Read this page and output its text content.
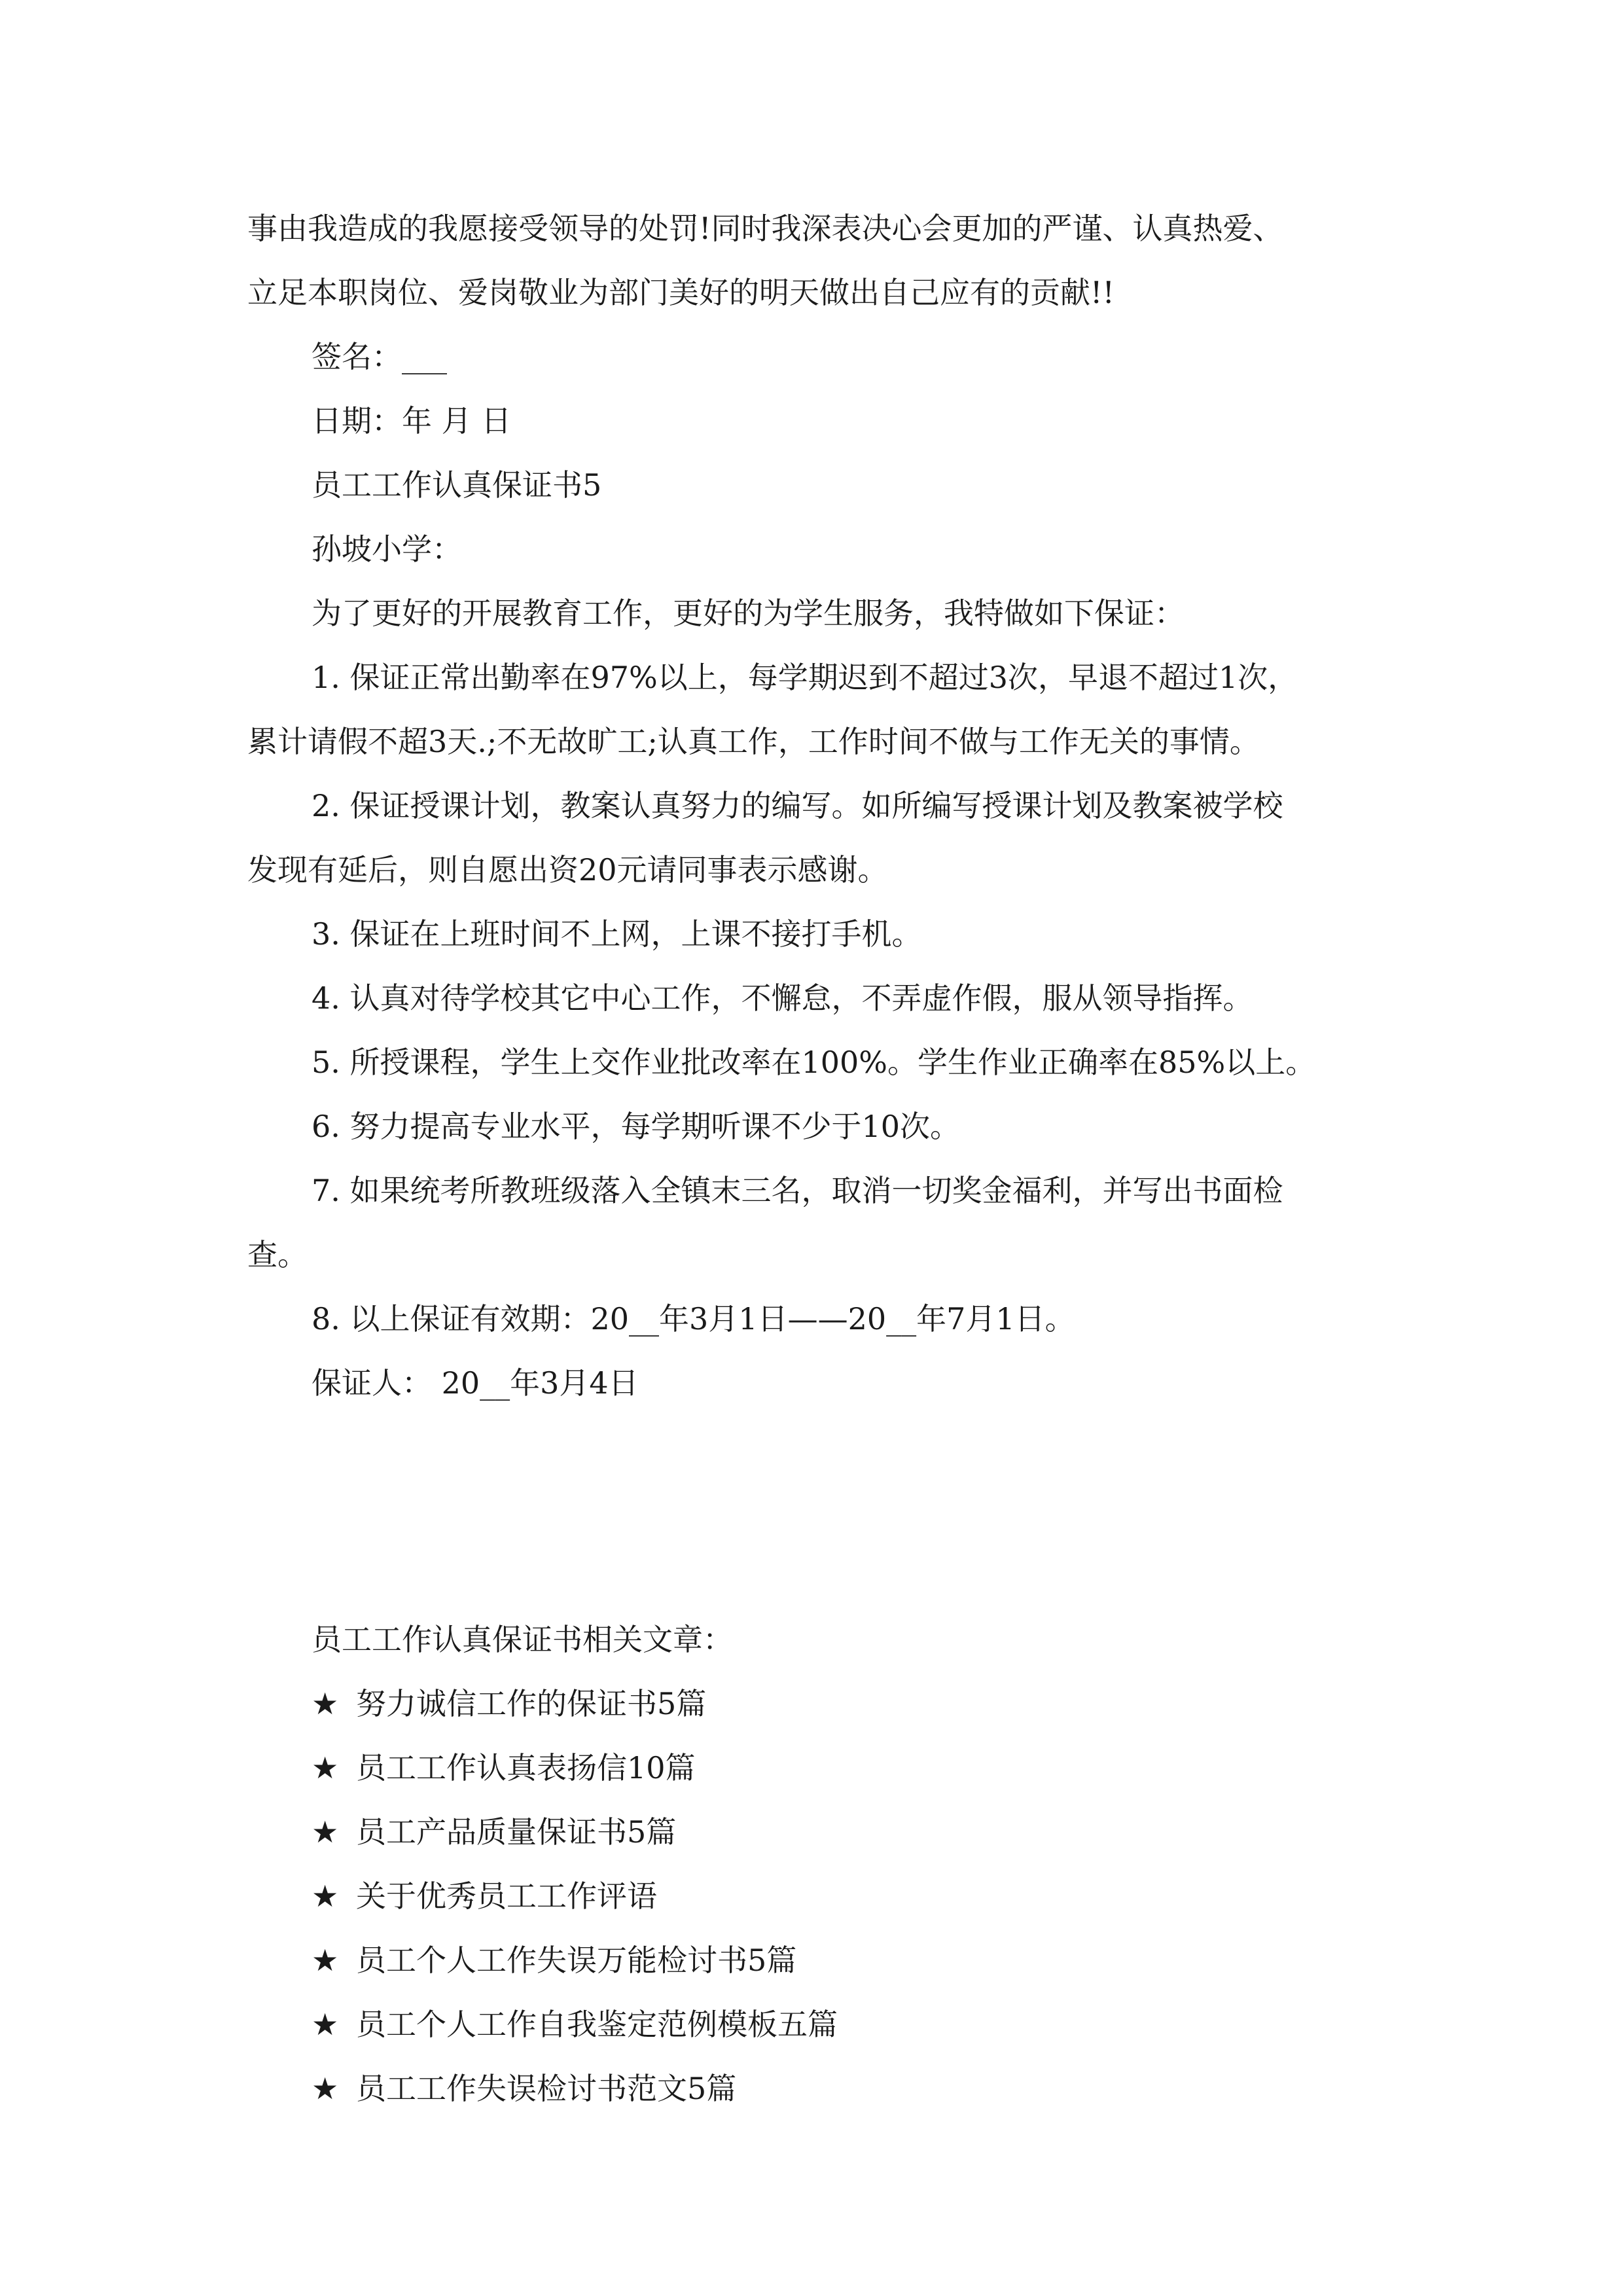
事由我造成的我愿接受领导的处罚!同时我深表决心会更加的严谨、认真热爱、

立足本职岗位、爱岗敬业为部门美好的明天做出自己应有的贡献!!

签名：___

日期：年 月 日

员工工作认真保证书5

孙坡小学：

为了更好的开展教育工作，更好的为学生服务，我特做如下保证：

1. 保证正常出勤率在97%以上，每学期迟到不超过3次，早退不超过1次，

累计请假不超3天.;不无故旷工;认真工作，工作时间不做与工作无关的事情。

2. 保证授课计划，教案认真努力的编写。如所编写授课计划及教案被学校

发现有延后，则自愿出资20元请同事表示感谢。

3. 保证在上班时间不上网，上课不接打手机。

4. 认真对待学校其它中心工作，不懈怠，不弄虚作假，服从领导指挥。

5. 所授课程，学生上交作业批改率在100%。学生作业正确率在85%以上。

6. 努力提高专业水平，每学期听课不少于10次。

7. 如果统考所教班级落入全镇末三名，取消一切奖金福利，并写出书面检

查。

8. 以上保证有效期：20__年3月1日——20__年7月1日。

保证人： 20__年3月4日

员工工作认真保证书相关文章：

★ 努力诚信工作的保证书5篇

★ 员工工作认真表扬信10篇

★ 员工产品质量保证书5篇

★ 关于优秀员工工作评语

★ 员工个人工作失误万能检讨书5篇

★ 员工个人工作自我鉴定范例模板五篇

★ 员工工作失误检讨书范文5篇
